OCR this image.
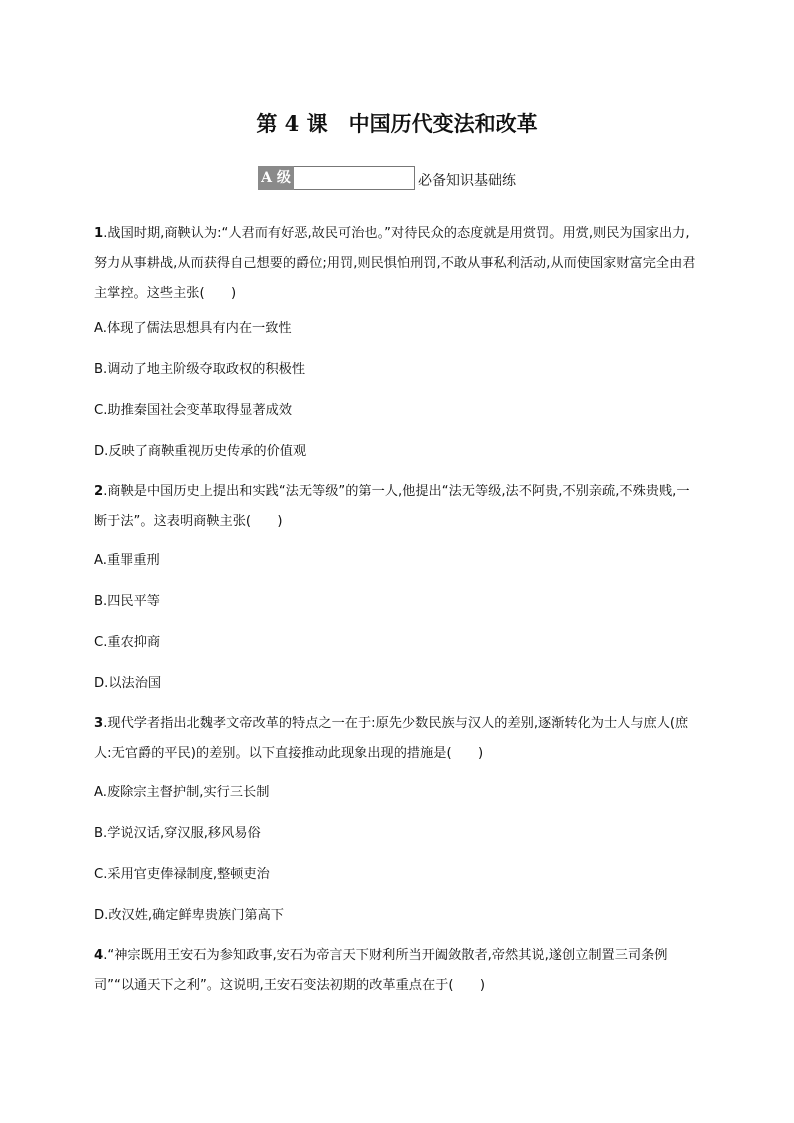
第 4 课　中国历代变法和改革
A 级	必备知识基础练
1.战国时期,商鞅认为:“人君而有好恶,故民可治也。”对待民众的态度就是用赏罚。用赏,则民为国家出力,努力从事耕战,从而获得自己想要的爵位;用罚,则民惧怕刑罚,不敢从事私利活动,从而使国家财富完全由君主掌控。这些主张(　　)
A.体现了儒法思想具有内在一致性
B.调动了地主阶级夺取政权的积极性
C.助推秦国社会变革取得显著成效
D.反映了商鞅重视历史传承的价值观
2.商鞅是中国历史上提出和实践“法无等级”的第一人,他提出“法无等级,法不阿贵,不别亲疏,不殊贵贱,一断于法”。这表明商鞅主张(　　)
A.重罪重刑
B.四民平等
C.重农抑商
D.以法治国
3.现代学者指出北魏孝文帝改革的特点之一在于:原先少数民族与汉人的差别,逐渐转化为士人与庶人(庶人:无官爵的平民)的差别。以下直接推动此现象出现的措施是(　　)
A.废除宗主督护制,实行三长制
B.学说汉话,穿汉服,移风易俗
C.采用官吏俸禄制度,整顿吏治
D.改汉姓,确定鲜卑贵族门第高下
4.“神宗既用王安石为参知政事,安石为帝言天下财利所当开阖敛散者,帝然其说,遂创立制置三司条例司”“以通天下之利”。这说明,王安石变法初期的改革重点在于(　　)
